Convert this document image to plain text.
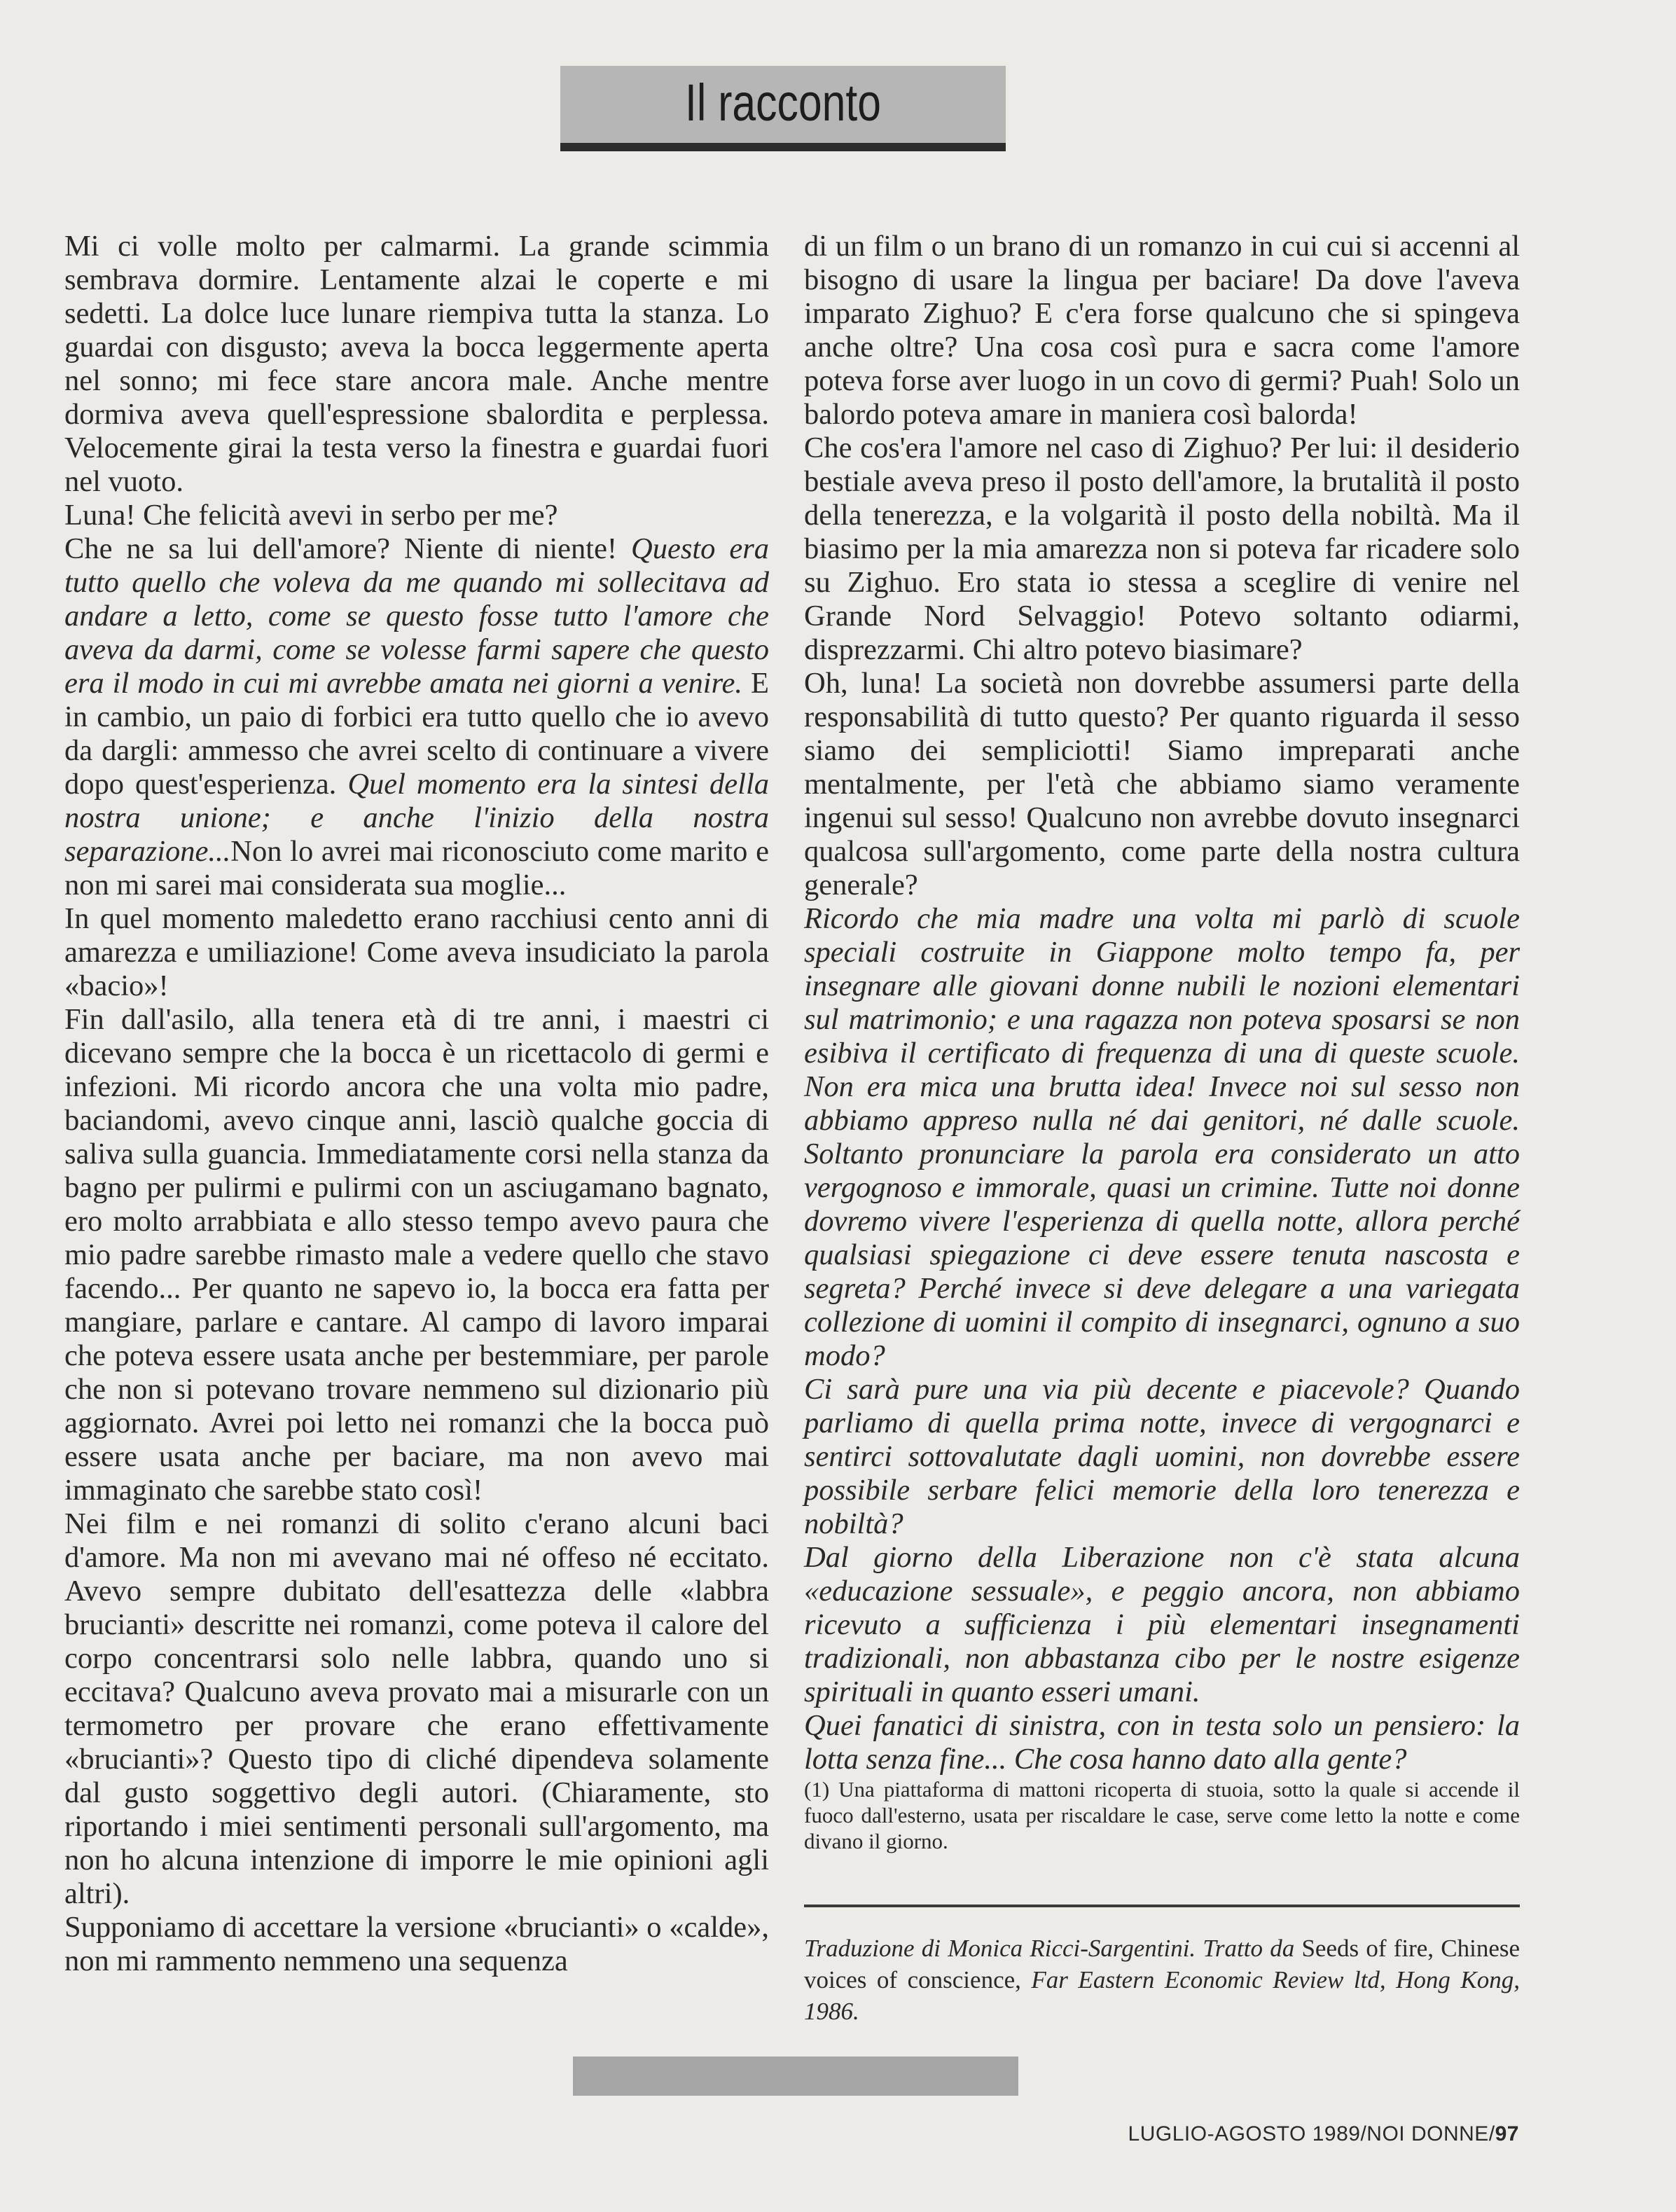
Il racconto

Mi ci volle molto per calmarmi. La grande scimmia sembrava dormire. Lentamente alzai le coperte e mi sedetti. La dolce luce lunare riempiva tutta la stanza. Lo guardai con disgusto; aveva la bocca leggermente aperta nel sonno; mi fece stare ancora male. Anche mentre dormiva aveva quell'espressione sbalordita e perplessa. Velocemente girai la testa verso la finestra e guardai fuori nel vuoto.

Luna! Che felicità avevi in serbo per me?

Che ne sa lui dell'amore? Niente di niente! Questo era tutto quello che voleva da me quando mi sollecitava ad andare a letto, come se questo fosse tutto l'amore che aveva da darmi, come se volesse farmi sapere che questo era il modo in cui mi avrebbe amata nei giorni a venire. E in cambio, un paio di forbici era tutto quello che io avevo da dargli: ammesso che avrei scelto di continuare a vivere dopo quest'esperienza. Quel momento era la sintesi della nostra unione; e anche l'inizio della nostra separazione...Non lo avrei mai riconosciuto come marito e non mi sarei mai considerata sua moglie...

In quel momento maledetto erano racchiusi cento anni di amarezza e umiliazione! Come aveva insudiciato la parola «bacio»!

Fin dall'asilo, alla tenera età di tre anni, i maestri ci dicevano sempre che la bocca è un ricettacolo di germi e infezioni. Mi ricordo ancora che una volta mio padre, baciandomi, avevo cinque anni, lasciò qualche goccia di saliva sulla guancia. Immediatamente corsi nella stanza da bagno per pulirmi e pulirmi con un asciugamano bagnato, ero molto arrabbiata e allo stesso tempo avevo paura che mio padre sarebbe rimasto male a vedere quello che stavo facendo... Per quanto ne sapevo io, la bocca era fatta per mangiare, parlare e cantare. Al campo di lavoro imparai che poteva essere usata anche per bestemmiare, per parole che non si potevano trovare nemmeno sul dizionario più aggiornato. Avrei poi letto nei romanzi che la bocca può essere usata anche per baciare, ma non avevo mai immaginato che sarebbe stato così!

Nei film e nei romanzi di solito c'erano alcuni baci d'amore. Ma non mi avevano mai né offeso né eccitato. Avevo sempre dubitato dell'esattezza delle «labbra brucianti» descritte nei romanzi, come poteva il calore del corpo concentrarsi solo nelle labbra, quando uno si eccitava? Qualcuno aveva provato mai a misurarle con un termometro per provare che erano effettivamente «brucianti»? Questo tipo di cliché dipendeva solamente dal gusto soggettivo degli autori. (Chiaramente, sto riportando i miei sentimenti personali sull'argomento, ma non ho alcuna intenzione di imporre le mie opinioni agli altri).

Supponiamo di accettare la versione «brucianti» o «calde», non mi rammento nemmeno una sequenza

di un film o un brano di un romanzo in cui cui si accenni al bisogno di usare la lingua per baciare! Da dove l'aveva imparato Zighuo? E c'era forse qualcuno che si spingeva anche oltre? Una cosa così pura e sacra come l'amore poteva forse aver luogo in un covo di germi? Puah! Solo un balordo poteva amare in maniera così balorda!

Che cos'era l'amore nel caso di Zighuo? Per lui: il desiderio bestiale aveva preso il posto dell'amore, la brutalità il posto della tenerezza, e la volgarità il posto della nobiltà. Ma il biasimo per la mia amarezza non si poteva far ricadere solo su Zighuo. Ero stata io stessa a sceglire di venire nel Grande Nord Selvaggio! Potevo soltanto odiarmi, disprezzarmi. Chi altro potevo biasimare?

Oh, luna! La società non dovrebbe assumersi parte della responsabilità di tutto questo? Per quanto riguarda il sesso siamo dei sempliciotti! Siamo impreparati anche mentalmente, per l'età che abbiamo siamo veramente ingenui sul sesso! Qualcuno non avrebbe dovuto insegnarci qualcosa sull'argomento, come parte della nostra cultura generale?

Ricordo che mia madre una volta mi parlò di scuole speciali costruite in Giappone molto tempo fa, per insegnare alle giovani donne nubili le nozioni elementari sul matrimonio; e una ragazza non poteva sposarsi se non esibiva il certificato di frequenza di una di queste scuole. Non era mica una brutta idea! Invece noi sul sesso non abbiamo appreso nulla né dai genitori, né dalle scuole. Soltanto pronunciare la parola era considerato un atto vergognoso e immorale, quasi un crimine. Tutte noi donne dovremo vivere l'esperienza di quella notte, allora perché qualsiasi spiegazione ci deve essere tenuta nascosta e segreta? Perché invece si deve delegare a una variegata collezione di uomini il compito di insegnarci, ognuno a suo modo?

Ci sarà pure una via più decente e piacevole? Quando parliamo di quella prima notte, invece di vergognarci e sentirci sottovalutate dagli uomini, non dovrebbe essere possibile serbare felici memorie della loro tenerezza e nobiltà?

Dal giorno della Liberazione non c'è stata alcuna «educazione sessuale», e peggio ancora, non abbiamo ricevuto a sufficienza i più elementari insegnamenti tradizionali, non abbastanza cibo per le nostre esigenze spirituali in quanto esseri umani.

Quei fanatici di sinistra, con in testa solo un pensiero: la lotta senza fine... Che cosa hanno dato alla gente?

(1) Una piattaforma di mattoni ricoperta di stuoia, sotto la quale si accende il fuoco dall'esterno, usata per riscaldare le case, serve come letto la notte e come divano il giorno.

Traduzione di Monica Ricci-Sargentini. Tratto da Seeds of fire, Chinese voices of conscience, Far Eastern Economic Review ltd, Hong Kong, 1986.

LUGLIO-AGOSTO 1989/NOI DONNE/97
